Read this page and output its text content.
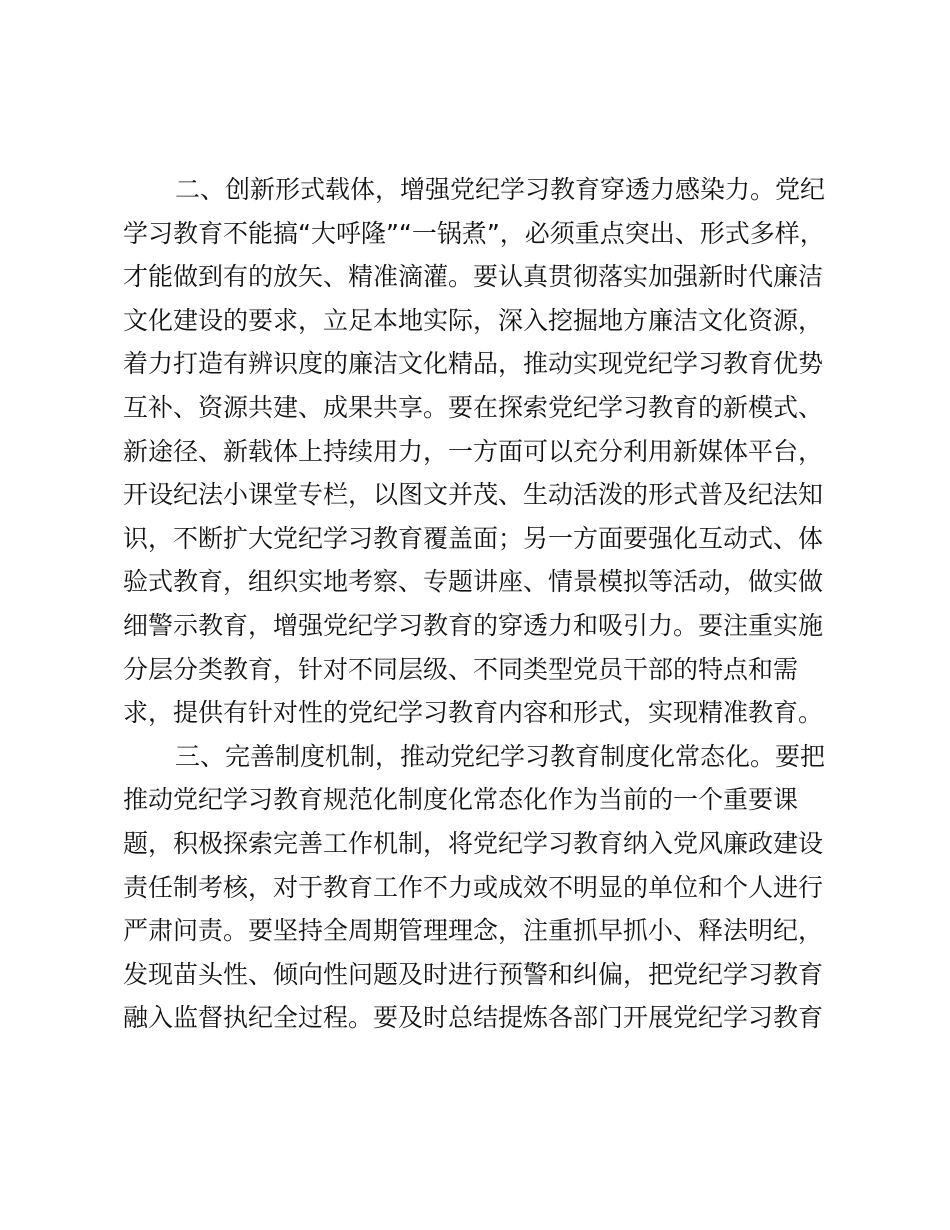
二、创新形式载体，增强党纪学习教育穿透力感染力。党纪
学习教育不能搞“大呼隆”“一锅煮”，必须重点突出、形式多样，
才能做到有的放矢、精准滴灌。要认真贯彻落实加强新时代廉洁
文化建设的要求，立足本地实际，深入挖掘地方廉洁文化资源，
着力打造有辨识度的廉洁文化精品，推动实现党纪学习教育优势
互补、资源共建、成果共享。要在探索党纪学习教育的新模式、
新途径、新载体上持续用力，一方面可以充分利用新媒体平台，
开设纪法小课堂专栏，以图文并茂、生动活泼的形式普及纪法知
识，不断扩大党纪学习教育覆盖面；另一方面要强化互动式、体
验式教育，组织实地考察、专题讲座、情景模拟等活动，做实做
细警示教育，增强党纪学习教育的穿透力和吸引力。要注重实施
分层分类教育，针对不同层级、不同类型党员干部的特点和需
求，提供有针对性的党纪学习教育内容和形式，实现精准教育。
三、完善制度机制，推动党纪学习教育制度化常态化。要把
推动党纪学习教育规范化制度化常态化作为当前的一个重要课
题，积极探索完善工作机制，将党纪学习教育纳入党风廉政建设
责任制考核，对于教育工作不力或成效不明显的单位和个人进行
严肃问责。要坚持全周期管理理念，注重抓早抓小、释法明纪，
发现苗头性、倾向性问题及时进行预警和纠偏，把党纪学习教育
融入监督执纪全过程。要及时总结提炼各部门开展党纪学习教育
